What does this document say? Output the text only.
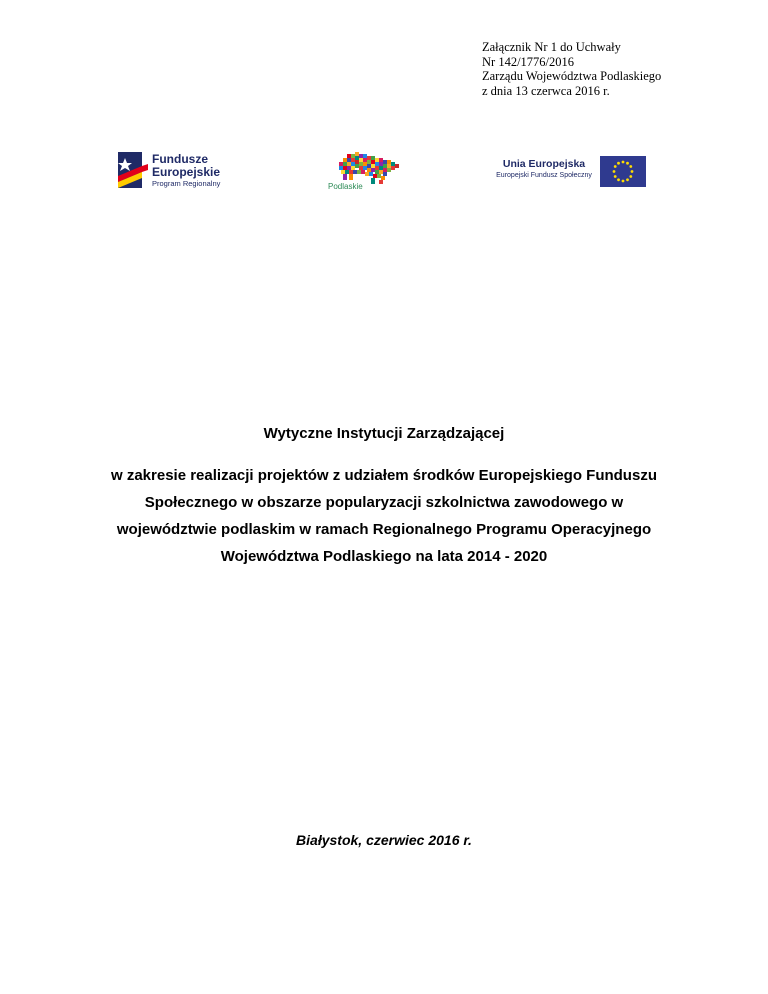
Załącznik Nr 1 do Uchwały
Nr 142/1776/2016
Zarządu Województwa Podlaskiego
z dnia 13 czerwca 2016 r.
Fundusze
Europejskie
Program Regionalny	Podlaskie
Unia Europejska
Europejski Fundusz Społeczny
Wytyczne Instytucji Zarządzającej
w zakresie realizacji projektów z udziałem środków Europejskiego Funduszu
Społecznego w obszarze popularyzacji szkolnictwa zawodowego w
województwie podlaskim w ramach Regionalnego Programu Operacyjnego
Województwa Podlaskiego na lata 2014 - 2020
Białystok, czerwiec 2016 r.
